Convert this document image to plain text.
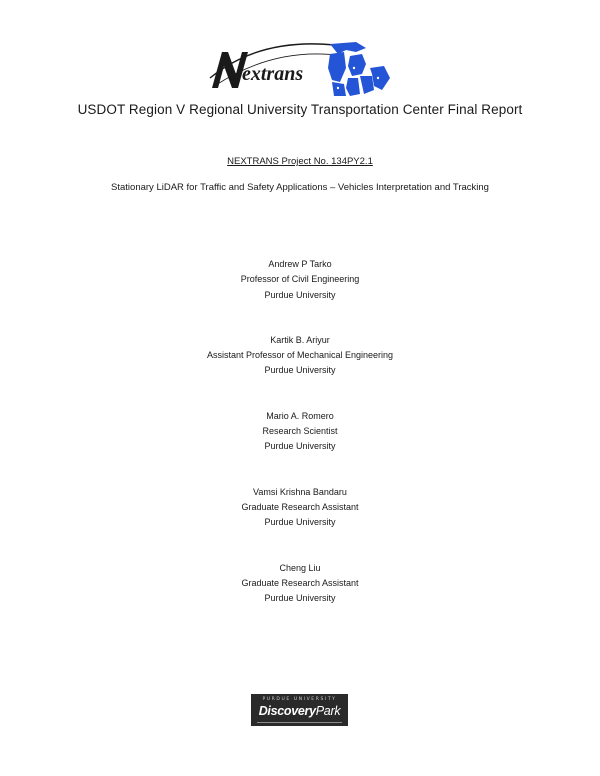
extrans
USDOT Region V Regional University Transportation Center Final Report
NEXTRANS Project No. 134PY2.1
Stationary LiDAR for Traffic and Safety Applications – Vehicles Interpretation and Tracking
Andrew P Tarko
Professor of Civil Engineering
Purdue University
Kartik B. Ariyur
Assistant Professor of Mechanical Engineering
Purdue University
Mario A. Romero
Research Scientist
Purdue University
Vamsi Krishna Bandaru
Graduate Research Assistant
Purdue University
Cheng Liu
Graduate Research Assistant
Purdue University
PURDUE UNIVERSITY
DiscoveryPark
